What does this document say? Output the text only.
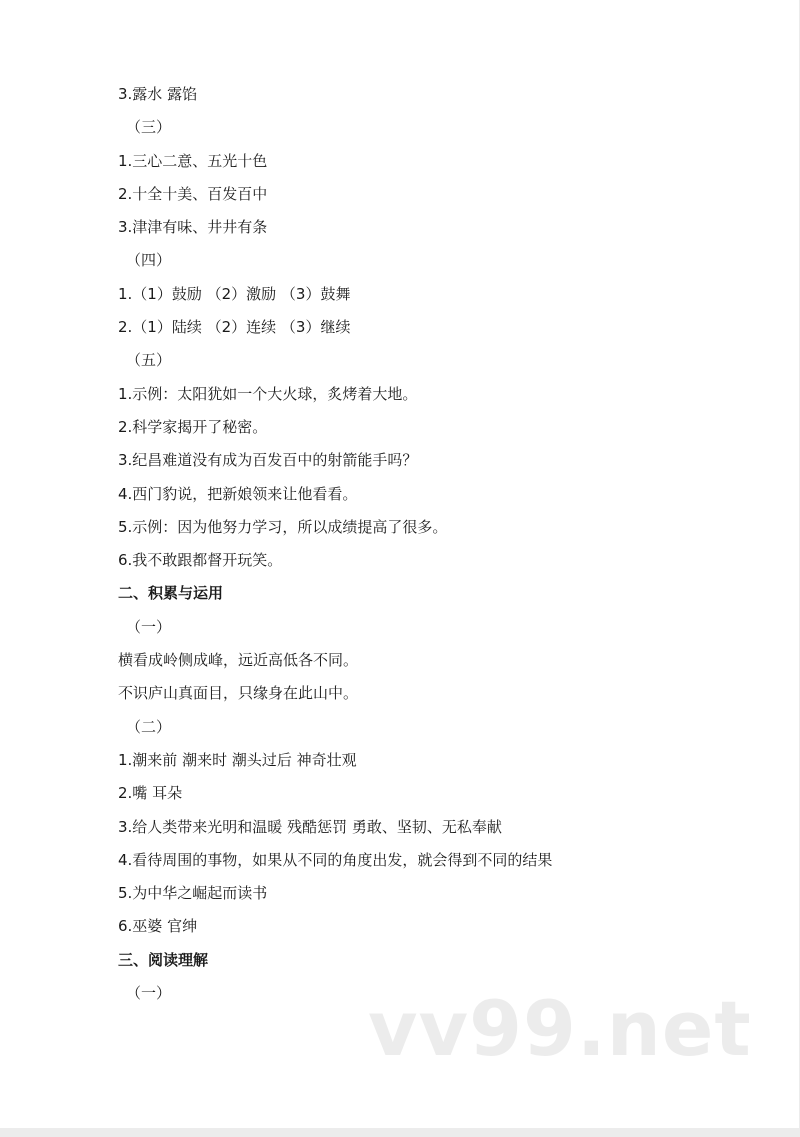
3.露水 露馅
（三）
1.三心二意、五光十色
2.十全十美、百发百中
3.津津有味、井井有条
（四）
1.（1）鼓励 （2）激励 （3）鼓舞
2.（1）陆续 （2）连续 （3）继续
（五）
1.示例：太阳犹如一个大火球，炙烤着大地。
2.科学家揭开了秘密。
3.纪昌难道没有成为百发百中的射箭能手吗？
4.西门豹说，把新娘领来让他看看。
5.示例：因为他努力学习，所以成绩提高了很多。
6.我不敢跟都督开玩笑。
二、积累与运用
（一）
横看成岭侧成峰，远近高低各不同。
不识庐山真面目，只缘身在此山中。
（二）
1.潮来前 潮来时 潮头过后 神奇壮观
2.嘴 耳朵
3.给人类带来光明和温暖 残酷惩罚 勇敢、坚韧、无私奉献
4.看待周围的事物，如果从不同的角度出发，就会得到不同的结果
5.为中华之崛起而读书
6.巫婆 官绅
三、阅读理解
（一）	vv99.net
